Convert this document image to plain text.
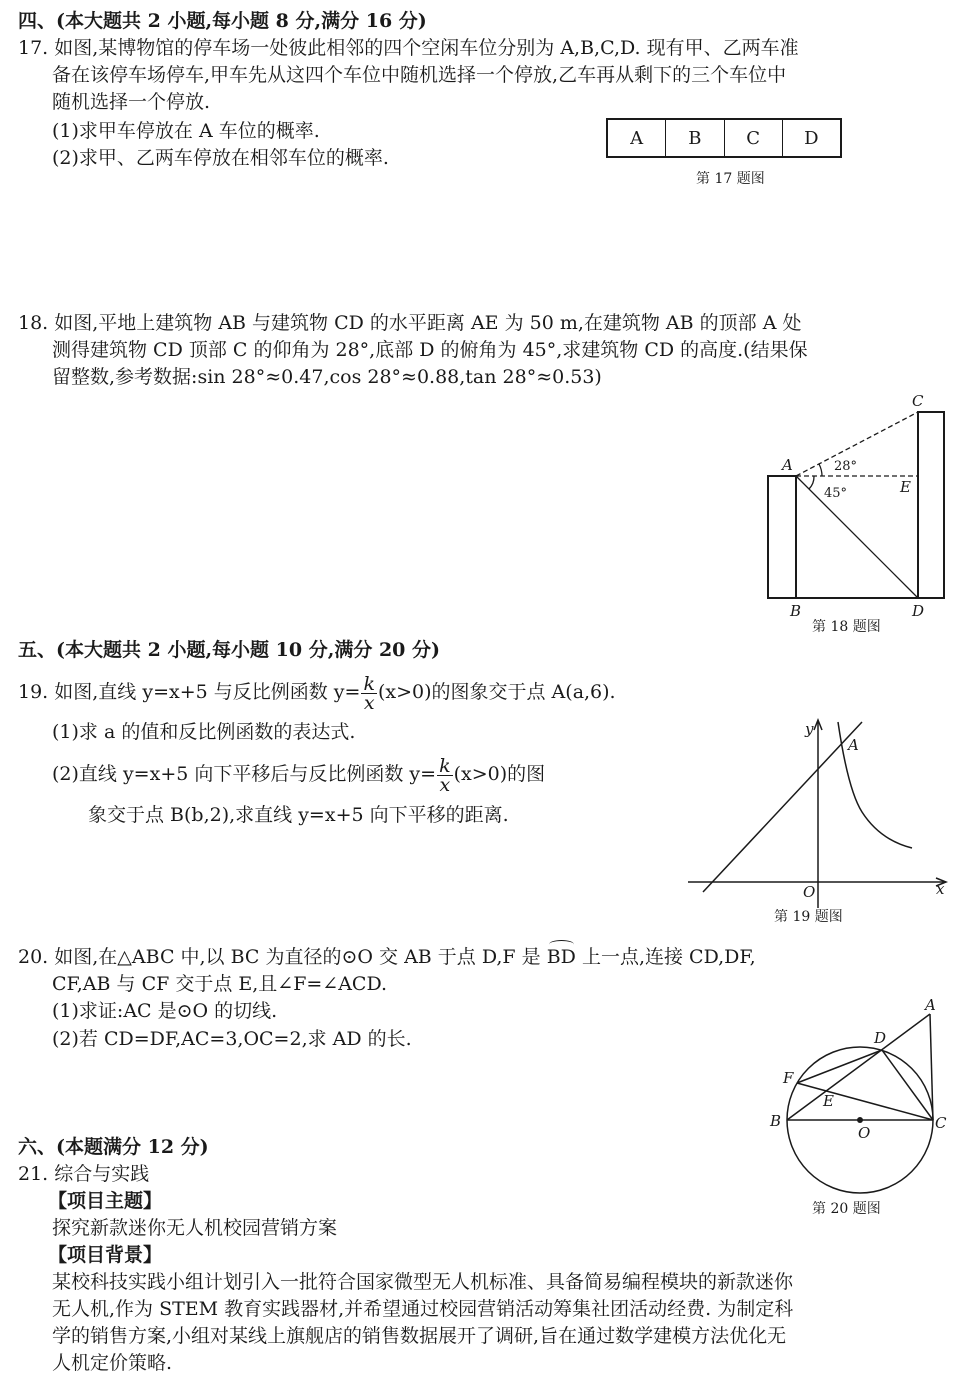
四、(本大题共 2 小题,每小题 8 分,满分 16 分)
17. 如图,某博物馆的停车场一处彼此相邻的四个空闲车位分别为 A,B,C,D. 现有甲、乙两车准
备在该停车场停车,甲车先从这四个车位中随机选择一个停放,乙车再从剩下的三个车位中
随机选择一个停放.
(1)求甲车停放在 A 车位的概率.
(2)求甲、乙两车停放在相邻车位的概率.
A	B	C	D
第 17 题图
18. 如图,平地上建筑物 AB 与建筑物 CD 的水平距离 AE 为 50 m,在建筑物 AB 的顶部 A 处
测得建筑物 CD 顶部 C 的仰角为 28°,底部 D 的俯角为 45°,求建筑物 CD 的高度.(结果保
留整数,参考数据:sin 28°≈0.47,cos 28°≈0.88,tan 28°≈0.53)
A
C
E
B	D
28°
45°
第 18 题图
五、(本大题共 2 小题,每小题 10 分,满分 20 分)
19. 如图,直线 y=x+5 与反比例函数 $y= \frac{k}{x} (x>0)$的图象交于点 A(a,6).
(1)求 a 的值和反比例函数的表达式.
(2)直线 y=x+5 向下平移后与反比例函数 $y= \frac{k}{x} (x>0)$的图
象交于点 B(b,2),求直线 y=x+5 向下平移的距离.
y
x
O
A
第 19 题图
20. 如图,在△ABC 中,以 BC 为直径的⊙O 交 AB 于点 D,F 是 BD 上一点,连接 CD,DF,
CF,AB 与 CF 交于点 E,且∠F=∠ACD.
(1)求证:AC 是⊙O 的切线.
(2)若 CD=DF,AC=3,OC=2,求 AD 的长.
A
D
F
E
B	C
O
第 20 题图
六、(本题满分 12 分)
21. 综合与实践
【项目主题】
探究新款迷你无人机校园营销方案
【项目背景】
某校科技实践小组计划引入一批符合国家微型无人机标准、具备简易编程模块的新款迷你
无人机,作为 STEM 教育实践器材,并希望通过校园营销活动筹集社团活动经费. 为制定科
学的销售方案,小组对某线上旗舰店的销售数据展开了调研,旨在通过数学建模方法优化无
人机定价策略.
